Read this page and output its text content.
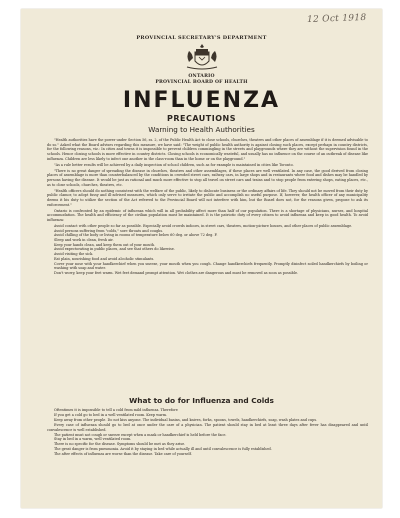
12 Oct 1918
PROVINCIAL SECRETARY'S DEPARTMENT
ONTARIO
PROVINCIAL BOARD OF HEALTH
INFLUENZA
PRECAUTIONS
Warning to Health Authorities

"Health authorities have the power under Section 56, ss. 2, of the Public Health Act to close schools, churches, theatres and other places of assemblage if it is deemed advisable to do so." Asked what the Board advises regarding this measure, we have said: "The weight of public health authority is against closing such places, except perhaps in country districts, for the following reasons, viz.: In cities and towns it is impossible to prevent children commingling in the streets and playgrounds where they are without the supervision found in the schools. Hence closing schools is more effective in country districts. Closing schools is economically wasteful, and usually has no influence on the course of an outbreak of disease like influenza. Children are less likely to infect one another in the class-room than in the home or on the playground."

"As a rule better results will be achieved by a daily inspection of school children, such as for example is maintained in cities like Toronto.

"There is no great danger of spreading the disease in churches, theatres and other assemblages, if these places are well ventilated. In any case, the good derived from closing places of assemblage is more than counterbalanced by the conditions in crowded street cars, railway cars, in large shops and in restaurants where food and dishes may be handled by persons having the disease. It would be just as rational and much more effective to stop all travel on street cars and trains and to stop people from entering shops, eating places, etc., as to close schools, churches, theatres, etc.

"Health officers should do nothing consistent with the welfare of the public, likely to dislocate business or the ordinary affairs of life. They should not be moved from their duty by public clamor, to adopt fussy and ill-advised measures, which only serve to irritate the public and accomplish no useful purpose. If, however, the health officer of any municipality deems it his duty to utilize the section of the Act referred to the Provincial Board will not interfere with him, but the Board does not, for the reasons given, propose to ask its enforcement."

Ontario is confronted by an epidemic of influenza which will in all probability affect more than half of our population. There is a shortage of physicians, nurses, and hospital accommodation. The health and efficiency of the civilian population must be maintained. It is the patriotic duty of every citizen to avoid influenza and keep in good health. To avoid influenza:

Avoid contact with other people so far as possible. Especially avoid crowds indoors, in street cars, theatres, motion-picture houses, and other places of public assemblage.

Avoid persons suffering from "colds," sore throats and coughs.

Avoid chilling of the body or living in rooms of temperature below 60 deg. or above 72 deg. F.

Sleep and work in clean, fresh air.

Keep your hands clean, and keep them out of your mouth.

Avoid expectorating in public places, and see that others do likewise.

Avoid visiting the sick.

Eat plain, nourishing food and avoid alcoholic stimulants.

Cover your nose with your handkerchief when you sneeze, your mouth when you cough. Change handkerchiefs frequently. Promptly disinfect soiled handkerchiefs by boiling or washing with soap and water.

Don't worry, keep your feet warm. Wet feet demand prompt attention. Wet clothes are dangerous and must be removed as soon as possible.

What to do for Influenza and Colds

Oftentimes it is impossible to tell a cold from mild influenza. Therefore

If you get a cold go to bed in a well ventilated room. Keep warm.

Keep away from other people. Do not kiss anyone. The individual basins, and knives, forks, spoons, towels, handkerchiefs, soap, wash plates and cups.

Every case of influenza should go to bed at once under the care of a physician. The patient should stay in bed at least three days after fever has disappeared and until convalescence is well established.

The patient must not cough or sneeze except when a mask or handkerchief is held before the face.

Stay in bed in a warm, well ventilated room.

There is no specific for the disease. Symptoms should be met as they arise.

The great danger is from pneumonia. Avoid it by staying in bed while actually ill and until convalescence is fully established.

The after effects of influenza are worse than the disease. Take care of yourself.
